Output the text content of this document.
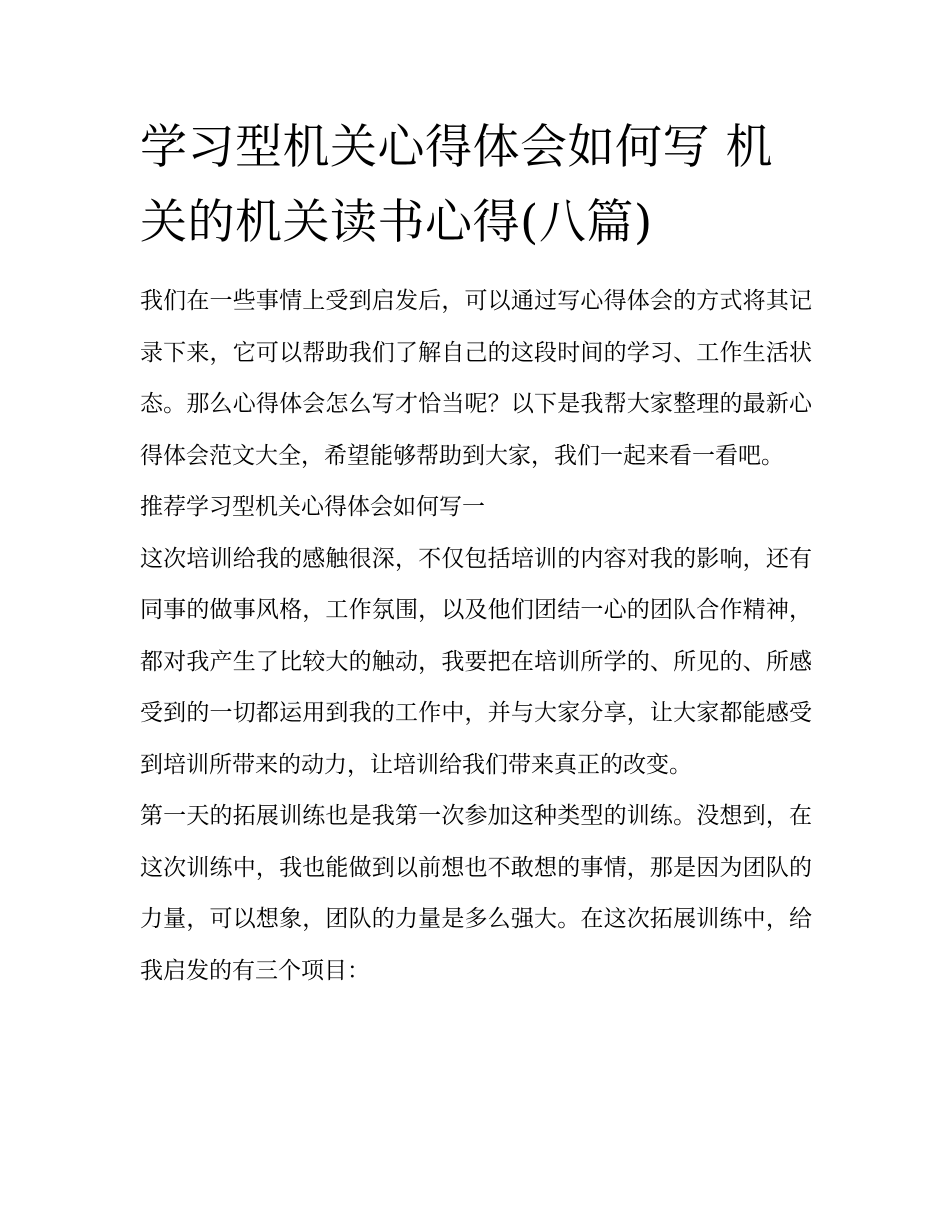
学习型机关心得体会如何写 机关的机关读书心得(八篇)

我们在一些事情上受到启发后，可以通过写心得体会的方式将其记录下来，它可以帮助我们了解自己的这段时间的学习、工作生活状态。那么心得体会怎么写才恰当呢？以下是我帮大家整理的最新心得体会范文大全，希望能够帮助到大家，我们一起来看一看吧。

推荐学习型机关心得体会如何写一

这次培训给我的感触很深，不仅包括培训的内容对我的影响，还有同事的做事风格，工作氛围，以及他们团结一心的团队合作精神，都对我产生了比较大的触动，我要把在培训所学的、所见的、所感受到的一切都运用到我的工作中，并与大家分享，让大家都能感受到培训所带来的动力，让培训给我们带来真正的改变。

第一天的拓展训练也是我第一次参加这种类型的训练。没想到，在这次训练中，我也能做到以前想也不敢想的事情，那是因为团队的力量，可以想象，团队的力量是多么强大。在这次拓展训练中，给我启发的有三个项目：
